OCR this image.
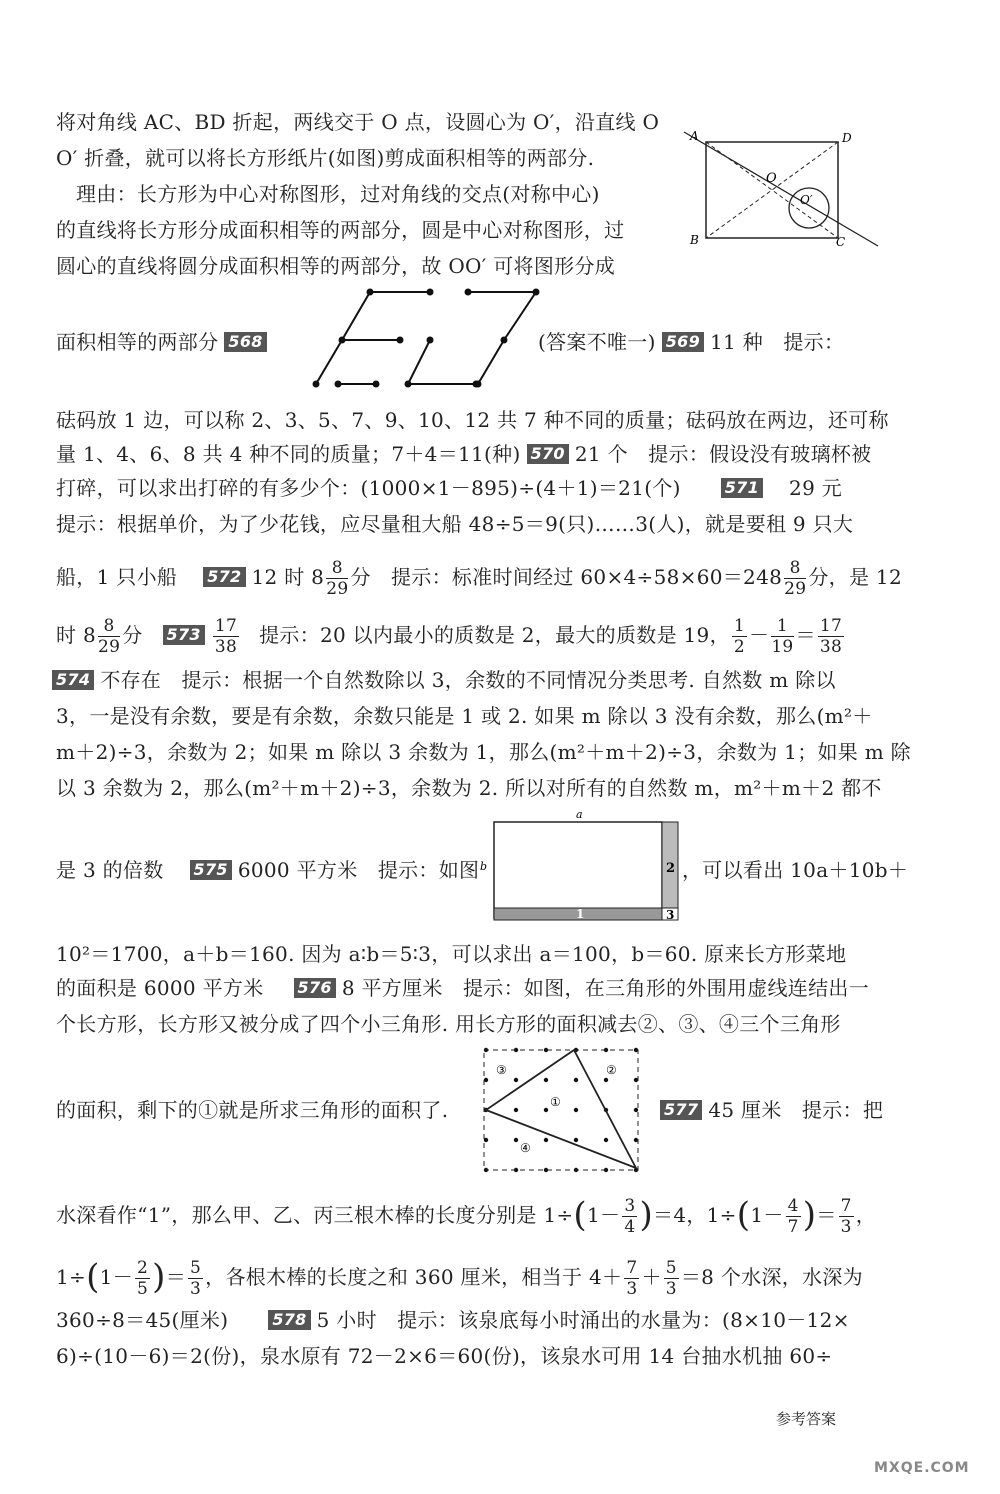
将对角线 AC、BD 折起，两线交于 O 点，设圆心为 O′，沿直线 O
O′ 折叠，就可以将长方形纸片(如图)剪成面积相等的两部分.
理由：长方形为中心对称图形，过对角线的交点(对称中心)
的直线将长方形分成面积相等的两部分，圆是中心对称图形，过
圆心的直线将圆分成面积相等的两部分，故 OO′ 可将图形分成
A	D
B	C
O
O′
面积相等的两部分 568	(答案不唯一) 569 11 种　提示：
砝码放 1 边，可以称 2、3、5、7、9、10、12 共 7 种不同的质量；砝码放在两边，还可称
量 1、4、6、8 共 4 种不同的质量；7＋4＝11(种) 570 21 个　提示：假设没有玻璃杯被
打碎，可以求出打碎的有多少个：(1000×1－895)÷(4＋1)＝21(个)	571 29 元
提示：根据单价，为了少花钱，应尽量租大船 48÷5＝9(只)……3(人)，就是要租 9 只大
船，1 只小船 572 12 时 $8 \frac{8}{29}$ 分　提示：标准时间经过 $60\times 4\div 58\times 60=248 \frac{8}{29}$ 分，是 12
时 $8 \frac{8}{29}$ 分 $573 \frac{17}{38}$ 提示：20 以内最小的质数是 2，最大的质数是 19， $\frac{1}{2} - \frac{1}{19} = \frac{17}{38}$
574 不存在　提示：根据一个自然数除以 3，余数的不同情况分类思考. 自然数 m 除以
3，一是没有余数，要是有余数，余数只能是 1 或 2. 如果 m 除以 3 没有余数，那么(m²＋
m＋2)÷3，余数为 2；如果 m 除以 3 余数为 1，那么(m²＋m＋2)÷3，余数为 1；如果 m 除
以 3 余数为 2，那么(m²＋m＋2)÷3，余数为 2. 所以对所有的自然数 m，m²＋m＋2 都不
是 3 的倍数 575 6000 平方米　提示：如图
a
b
1
2
3
，可以看出 10a＋10b＋
10²＝1700，a＋b＝160. 因为 a∶b＝5∶3，可以求出 a＝100，b＝60. 原来长方形菜地
的面积是 6000 平方米 576 8 平方厘米　提示：如图，在三角形的外围用虚线连结出一
个长方形，长方形又被分成了四个小三角形. 用长方形的面积减去②、③、④三个三角形
的面积，剩下的①就是所求三角形的面积了.
③	②
①
④
577 45 厘米　提示：把
水深看作“1”，那么甲、乙、丙三根木棒的长度分别是 $1\div(1- \frac{3}{4} )=4$，$1\div(1- \frac{4}{7}$ )＝ $\frac{7}{3}$ ，
$1\div(1- \frac{2}{5}$ )＝ $\frac{5}{3}$ ，各根木棒的长度之和 360 厘米，相当于 $4+ \frac{7}{3} + \frac{5}{3} =8$ 个水深，水深为
360÷8＝45(厘米)	578 5 小时　提示：该泉底每小时涌出的水量为：(8×10－12×
6)÷(10－6)＝2(份)，泉水原有 72－2×6＝60(份)，该泉水可用 14 台抽水机抽 60÷
参考答案
MXQE.COM
